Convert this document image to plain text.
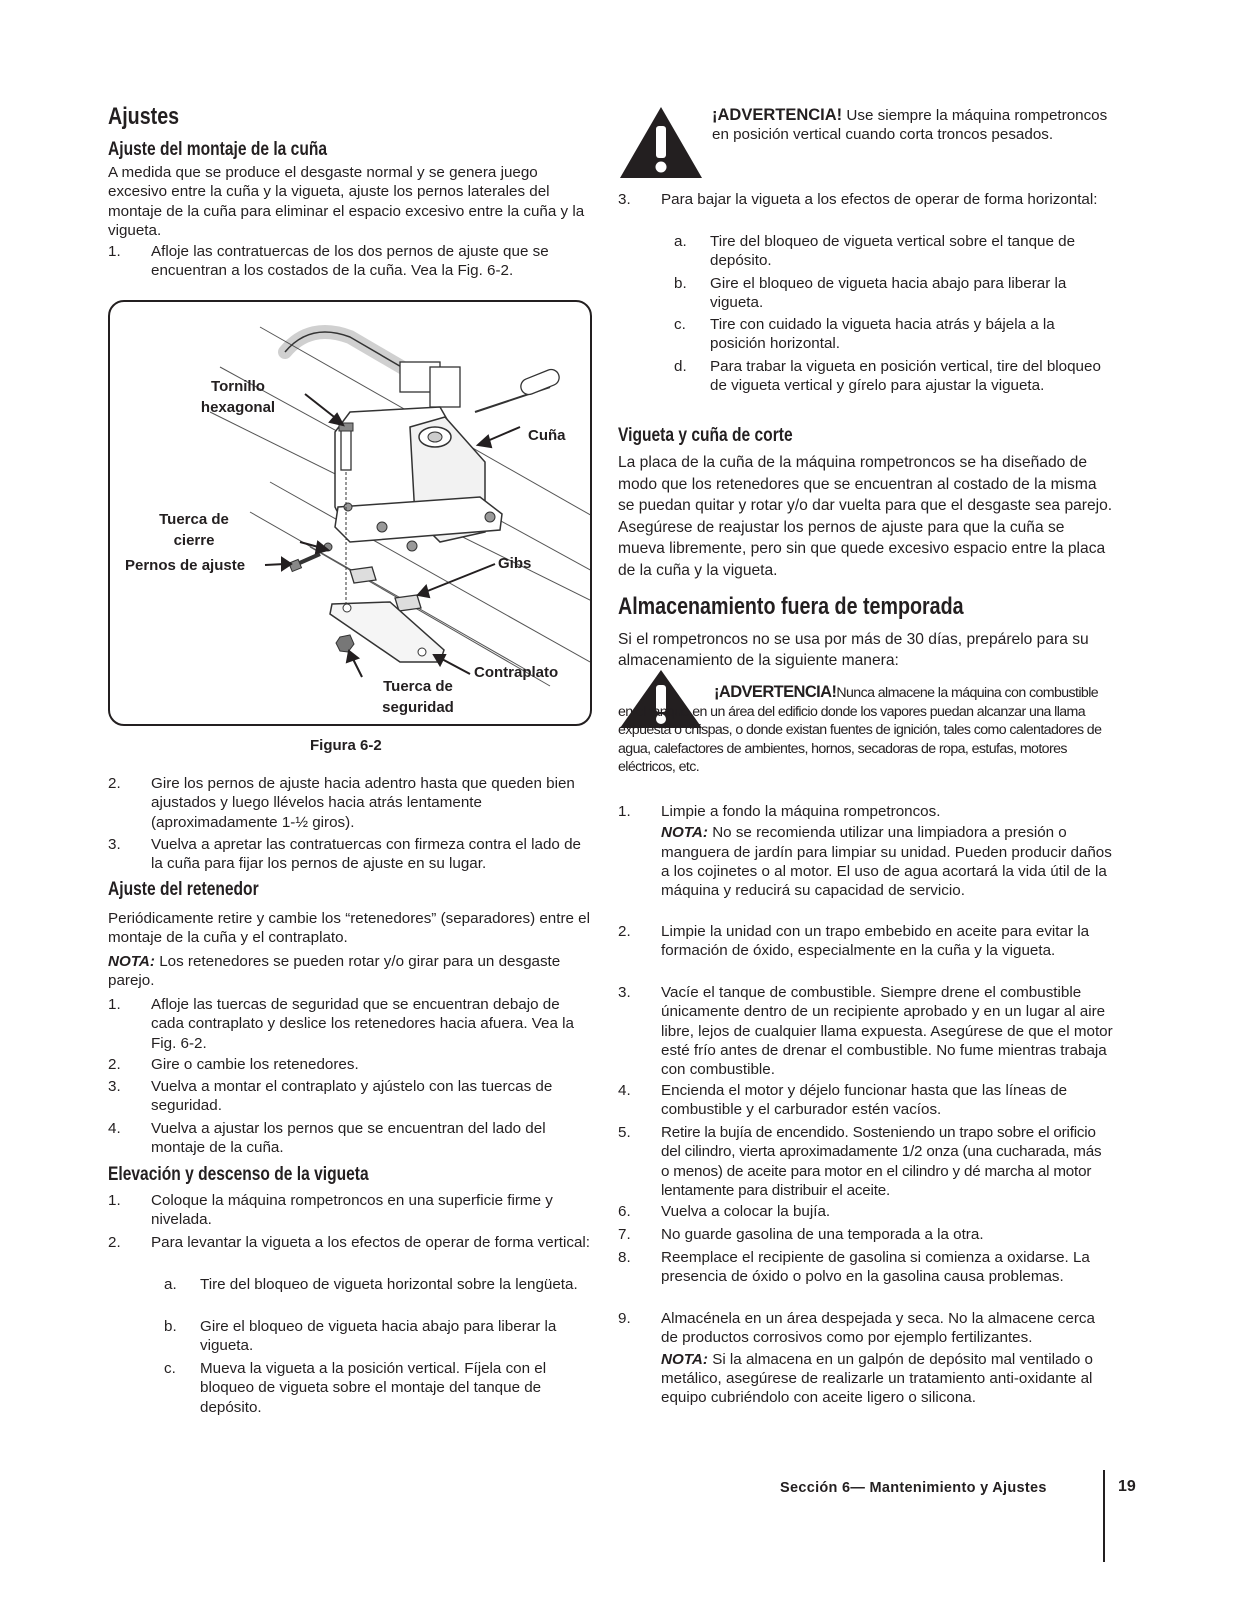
Ajustes
Ajuste del montaje de la cuña

A medida que se produce el desgaste normal y se genera juego excesivo entre la cuña y la vigueta, ajuste los pernos laterales del montaje de la cuña para eliminar el espacio excesivo entre la cuña y la vigueta.

1. Afloje las contratuercas de los dos pernos de ajuste que se encuentran a los costados de la cuña. Vea la Fig. 6-2.
Tornillo hexagonal
Cuña
Tuerca de cierre
Pernos de ajuste	Gibs
Contraplato
Tuerca de seguridad
Figura 6-2
2. Gire los pernos de ajuste hacia adentro hasta que queden bien ajustados y luego llévelos hacia atrás lentamente (aproximadamente 1-½ giros).
3. Vuelva a apretar las contratuercas con firmeza contra el lado de la cuña para fijar los pernos de ajuste en su lugar.
Ajuste del retenedor

Periódicamente retire y cambie los “retenedores” (separadores) entre el montaje de la cuña y el contraplato.

NOTA: Los retenedores se pueden rotar y/o girar para un desgaste parejo.

1. Afloje las tuercas de seguridad que se encuentran debajo de cada contraplato y deslice los retenedores hacia afuera. Vea la Fig. 6-2.
2. Gire o cambie los retenedores.
3. Vuelva a montar el contraplato y ajústelo con las tuercas de seguridad.
4. Vuelva a ajustar los pernos que se encuentran del lado del montaje de la cuña.
Elevación y descenso de la vigueta
1. Coloque la máquina rompetroncos en una superficie firme y nivelada.
2. Para levantar la vigueta a los efectos de operar de forma vertical:
a. Tire del bloqueo de vigueta horizontal sobre la lengüeta.
b. Gire el bloqueo de vigueta hacia abajo para liberar la vigueta.
c. Mueva la vigueta a la posición vertical. Fíjela con el bloqueo de vigueta sobre el montaje del tanque de depósito.

¡ADVERTENCIA! Use siempre la máquina rompetroncos en posición vertical cuando corta troncos pesados.

3. Para bajar la vigueta a los efectos de operar de forma horizontal:
a. Tire del bloqueo de vigueta vertical sobre el tanque de depósito.
b. Gire el bloqueo de vigueta hacia abajo para liberar la vigueta.
c. Tire con cuidado la vigueta hacia atrás y bájela a la posición horizontal.
d. Para trabar la vigueta en posición vertical, tire del bloqueo de vigueta vertical y gírelo para ajustar la vigueta.
Vigueta y cuña de corte

La placa de la cuña de la máquina rompetroncos se ha diseñado de modo que los retenedores que se encuentran al costado de la misma se puedan quitar y rotar y/o dar vuelta para que el desgaste sea parejo. Asegúrese de reajustar los pernos de ajuste para que la cuña se mueva libremente, pero sin que quede excesivo espacio entre la placa de la cuña y la vigueta.

Almacenamiento fuera de temporada

Si el rompetroncos no se usa por más de 30 días, prepárelo para su almacenamiento de la siguiente manera:

¡ADVERTENCIA!Nunca almacene la máquina con combustible en el tanque en un área del edificio donde los vapores puedan alcanzar una llama expuesta o chispas, o donde existan fuentes de ignición, tales como calentadores de agua, calefactores de ambientes, hornos, secadoras de ropa, estufas, motores eléctricos, etc.

1. Limpie a fondo la máquina rompetroncos.
NOTA: No se recomienda utilizar una limpiadora a presión o manguera de jardín para limpiar su unidad. Pueden producir daños a los cojinetes o al motor. El uso de agua acortará la vida útil de la máquina y reducirá su capacidad de servicio.
2. Limpie la unidad con un trapo embebido en aceite para evitar la formación de óxido, especialmente en la cuña y la vigueta.
3. Vacíe el tanque de combustible. Siempre drene el combustible únicamente dentro de un recipiente aprobado y en un lugar al aire libre, lejos de cualquier llama expuesta. Asegúrese de que el motor esté frío antes de drenar el combustible. No fume mientras trabaja con combustible.
4. Encienda el motor y déjelo funcionar hasta que las líneas de combustible y el carburador estén vacíos.
5. Retire la bujía de encendido. Sosteniendo un trapo sobre el orificio del cilindro, vierta aproximadamente 1/2 onza (una cucharada, más o menos) de aceite para motor en el cilindro y dé marcha al motor lentamente para distribuir el aceite.
6. Vuelva a colocar la bujía.
7. No guarde gasolina de una temporada a la otra.
8. Reemplace el recipiente de gasolina si comienza a oxidarse. La presencia de óxido o polvo en la gasolina causa problemas.
9. Almacénela en un área despejada y seca. No la almacene cerca de productos corrosivos como por ejemplo fertilizantes.
NOTA: Si la almacena en un galpón de depósito mal ventilado o metálico, asegúrese de realizarle un tratamiento anti-oxidante al equipo cubriéndolo con aceite ligero o silicona.
Sección 6— Mantenimiento y Ajustes	19
